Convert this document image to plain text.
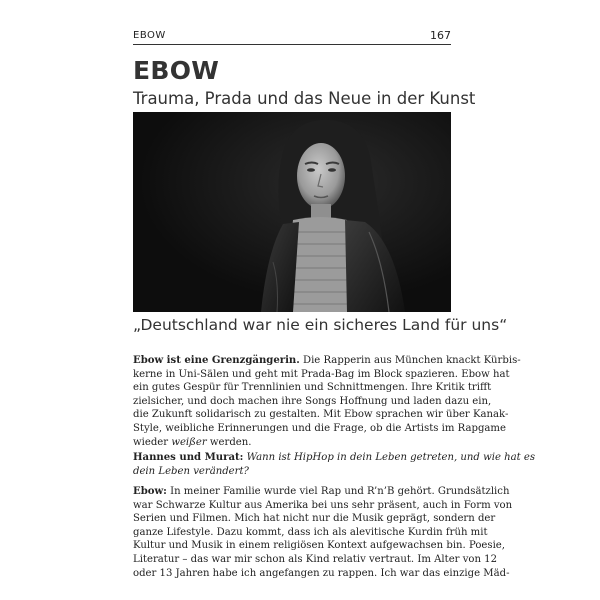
EBOW	167
EBOW
Trauma, Prada und das Neue in der Kunst
„Deutschland war nie ein sicheres Land für uns“
Ebow ist eine Grenzgängerin. Die Rapperin aus München knackt Kürbis-
kerne in Uni-Sälen und geht mit Prada-Bag im Block spazieren. Ebow hat
ein gutes Gespür für Trennlinien und Schnittmengen. Ihre Kritik trifft
zielsicher, und doch machen ihre Songs Hoffnung und laden dazu ein,
die Zukunft solidarisch zu gestalten. Mit Ebow sprachen wir über Kanak-
Style, weibliche Erinnerungen und die Frage, ob die Artists im Rapgame
wieder weißer werden.
Hannes und Murat: Wann ist HipHop in dein Leben getreten, und wie hat es
dein Leben verändert?
Ebow: In meiner Familie wurde viel Rap und R’n’B gehört. Grundsätzlich
war Schwarze Kultur aus Amerika bei uns sehr präsent, auch in Form von
Serien und Filmen. Mich hat nicht nur die Musik geprägt, sondern der
ganze Lifestyle. Dazu kommt, dass ich als alevitische Kurdin früh mit
Kultur und Musik in einem religiösen Kontext aufgewachsen bin. Poesie,
Literatur – das war mir schon als Kind relativ vertraut. Im Alter von 12
oder 13 Jahren habe ich angefangen zu rappen. Ich war das einzige Mäd-
